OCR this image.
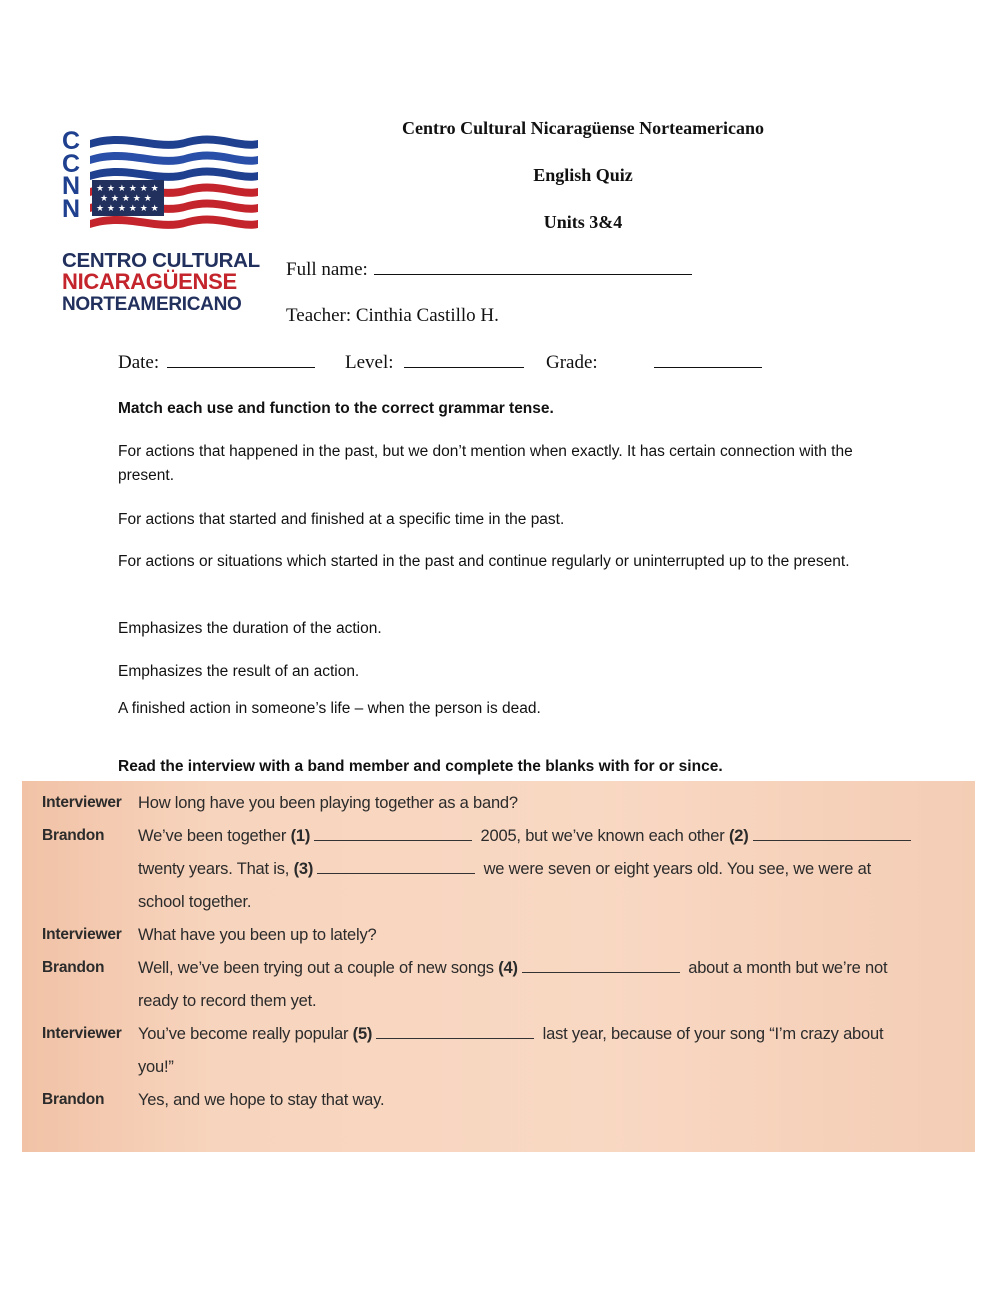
C
C
N
N
★ ★ ★ ★ ★ ★
★ ★ ★ ★ ★
★ ★ ★ ★ ★ ★
CENTRO CULTURAL
NICARAGÜENSE
NORTEAMERICANO
Centro Cultural Nicaragüense Norteamericano
English Quiz
Units 3&4
Full name:
Teacher: Cinthia Castillo H.
Date:	Level:	Grade:
Match each use and function to the correct grammar tense.
For actions that happened in the past, but we don’t mention when exactly. It has certain connection with the present.
For actions that started and finished at a specific time in the past.
For actions or situations which started in the past and continue regularly or uninterrupted up to the present.
Emphasizes the duration of the action.
Emphasizes the result of an action.
A finished action in someone’s life – when the person is dead.
Read the interview with a band member and complete the blanks with for or since.
Interviewer How long have you been playing together as a band?
Brandon We’ve been together (1)	2005, but we’ve known each other (2)
twenty years. That is, (3)	we were seven or eight years old. You see, we were at
school together.
Interviewer What have you been up to lately?
Brandon Well, we’ve been trying out a couple of new songs (4)	about a month but we’re not
ready to record them yet.
Interviewer You’ve become really popular (5)	last year, because of your song “I’m crazy about
you!”
Brandon Yes, and we hope to stay that way.
